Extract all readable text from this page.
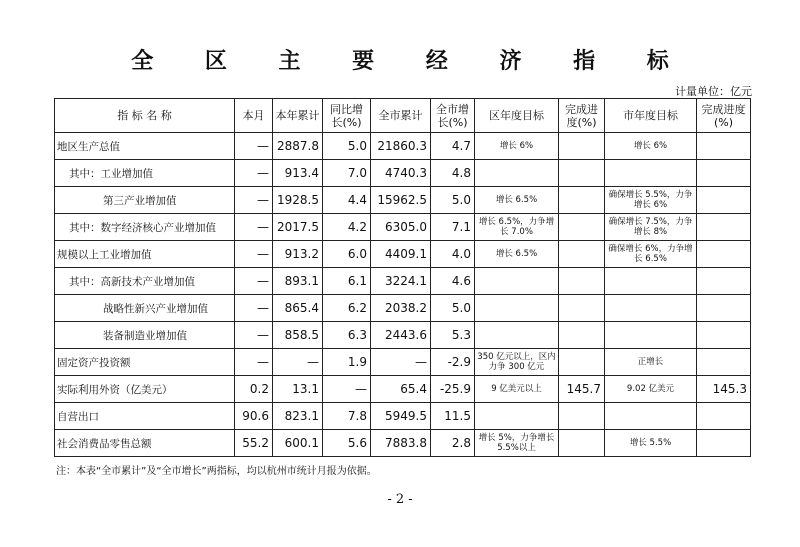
全 区 主 要 经 济 指 标
计量单位：亿元
指 标 名 称	本月	本年累计	同比增长(%)	全市累计	全市增长(%)	区年度目标	完成进度(%)	市年度目标	完成进度(%)
地区生产总值	—	2887.8	5.0	21860.3	4.7	增长 6%		增长 6%	
其中：工业增加值	—	913.4	7.0	4740.3	4.8				
第三产业增加值	—	1928.5	4.4	15962.5	5.0	增长 6.5%		确保增长 5.5%，力争增长 6%	
其中：数字经济核心产业增加值	—	2017.5	4.2	6305.0	7.1	增长 6.5%，力争增长 7.0%		确保增长 7.5%，力争增长 8%	
规模以上工业增加值	—	913.2	6.0	4409.1	4.0	增长 6.5%		确保增长 6%，力争增长 6.5%	
其中：高新技术产业增加值	—	893.1	6.1	3224.1	4.6				
战略性新兴产业增加值	—	865.4	6.2	2038.2	5.0				
装备制造业增加值	—	858.5	6.3	2443.6	5.3				
固定资产投资额	—	—	1.9	—	-2.9	350 亿元以上，区内力争 300 亿元		正增长	
实际利用外资（亿美元）	0.2	13.1	—	65.4	-25.9	9 亿美元以上	145.7	9.02 亿美元	145.3
自营出口	90.6	823.1	7.8	5949.5	11.5				
社会消费品零售总额	55.2	600.1	5.6	7883.8	2.8	增长 5%，力争增长 5.5%以上		增长 5.5%	
注：本表“全市累计”及“全市增长”两指标，均以杭州市统计月报为依据。
- 2 -
